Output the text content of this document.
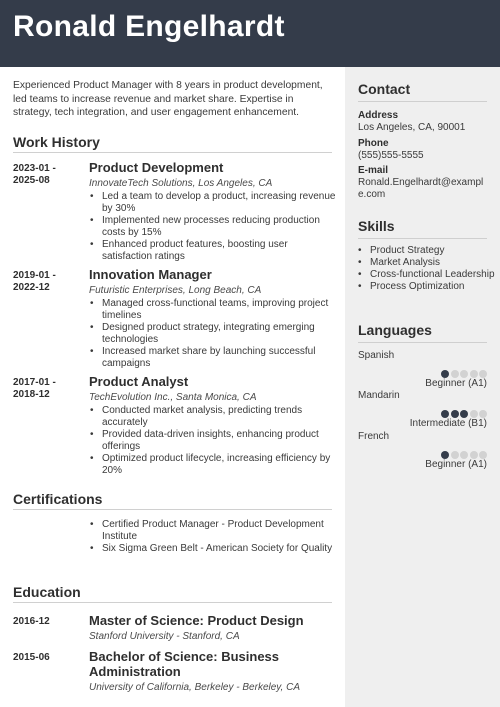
Ronald Engelhardt
Contact
Address
Los Angeles, CA, 90001
Phone
(555)555-5555
E-mail
Ronald.Engelhardt@exampl e.com
Skills
• Product Strategy
• Market Analysis
• Cross-functional Leadership
• Process Optimization
Languages
Spanish
Beginner (A1)
Mandarin
Intermediate (B1)
French
Beginner (A1)
Experienced Product Manager with 8 years in product development, led teams to increase revenue and market share. Expertise in strategy, tech integration, and user engagement enhancement.
Work History
2023-01 - 2025-08
Product Development
InnovateTech Solutions, Los Angeles, CA
• Led a team to develop a product, increasing revenue by 30%
• Implemented new processes reducing production costs by 15%
• Enhanced product features, boosting user satisfaction ratings
2019-01 - 2022-12
Innovation Manager
Futuristic Enterprises, Long Beach, CA
• Managed cross-functional teams, improving project timelines
• Designed product strategy, integrating emerging technologies
• Increased market share by launching successful campaigns
2017-01 - 2018-12
Product Analyst
TechEvolution Inc., Santa Monica, CA
• Conducted market analysis, predicting trends accurately
• Provided data-driven insights, enhancing product offerings
• Optimized product lifecycle, increasing efficiency by 20%
Certifications
• Certified Product Manager - Product Development Institute
• Six Sigma Green Belt - American Society for Quality
Education
2016-12	Master of Science: Product Design
Stanford University - Stanford, CA
2015-06	Bachelor of Science: Business Administration
University of California, Berkeley - Berkeley, CA
